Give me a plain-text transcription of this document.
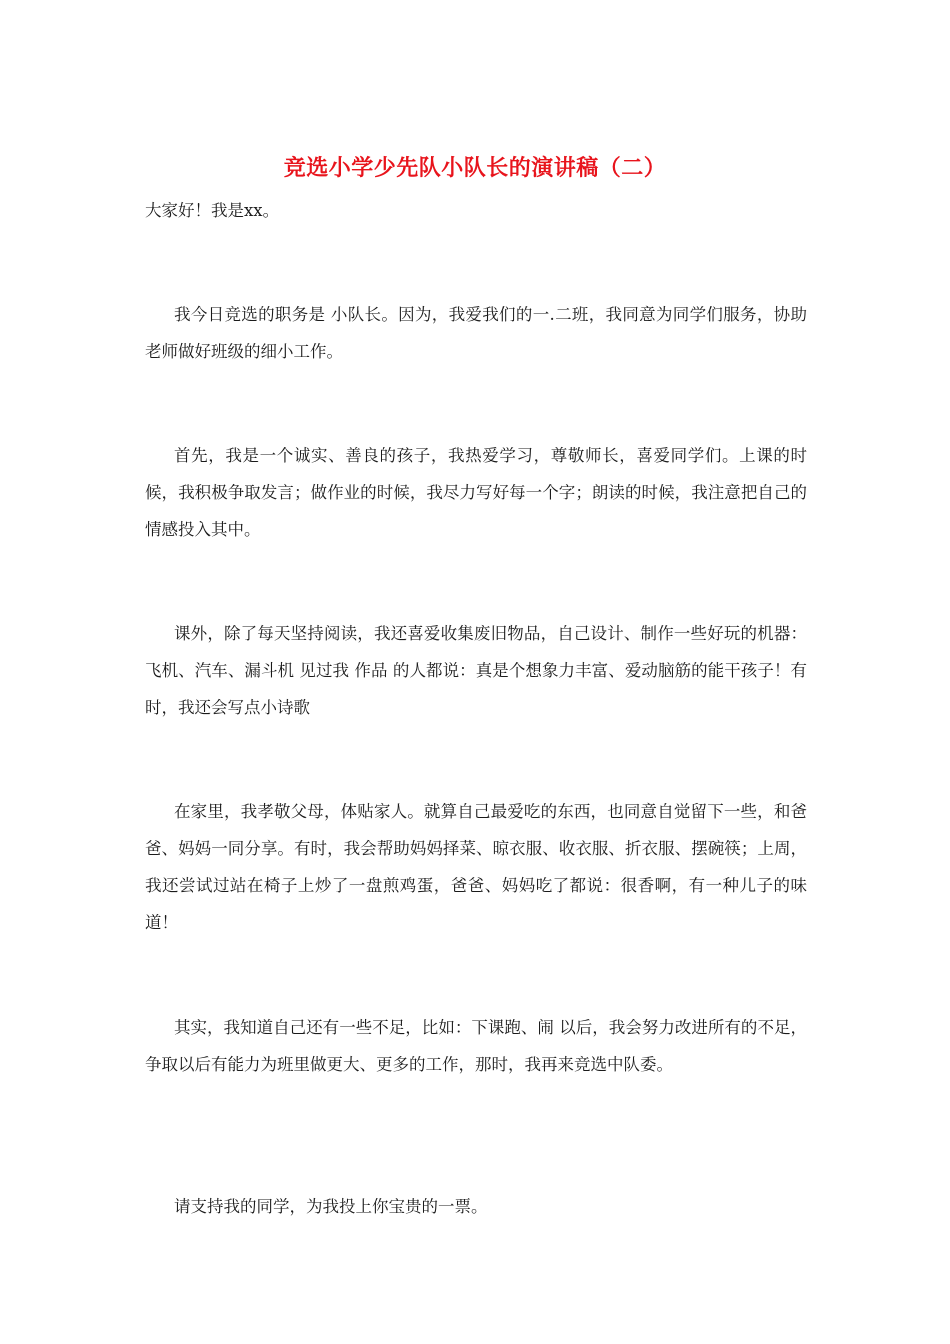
竞选小学少先队小队长的演讲稿（二）
大家好！我是xx。

我今日竞选的职务是 小队长。因为，我爱我们的一.二班，我同意为同学们服务，协助老师做好班级的细小工作。

首先，我是一个诚实、善良的孩子，我热爱学习，尊敬师长，喜爱同学们。上课的时候，我积极争取发言；做作业的时候，我尽力写好每一个字；朗读的时候，我注意把自己的情感投入其中。

课外，除了每天坚持阅读，我还喜爱收集废旧物品，自己设计、制作一些好玩的机器：飞机、汽车、漏斗机 见过我 作品 的人都说：真是个想象力丰富、爱动脑筋的能干孩子！有时，我还会写点小诗歌

在家里，我孝敬父母，体贴家人。就算自己最爱吃的东西，也同意自觉留下一些，和爸爸、妈妈一同分享。有时，我会帮助妈妈择菜、晾衣服、收衣服、折衣服、摆碗筷；上周，我还尝试过站在椅子上炒了一盘煎鸡蛋，爸爸、妈妈吃了都说：很香啊，有一种儿子的味道！

其实，我知道自己还有一些不足，比如：下课跑、闹 以后，我会努力改进所有的不足，争取以后有能力为班里做更大、更多的工作，那时，我再来竞选中队委。

请支持我的同学，为我投上你宝贵的一票。
